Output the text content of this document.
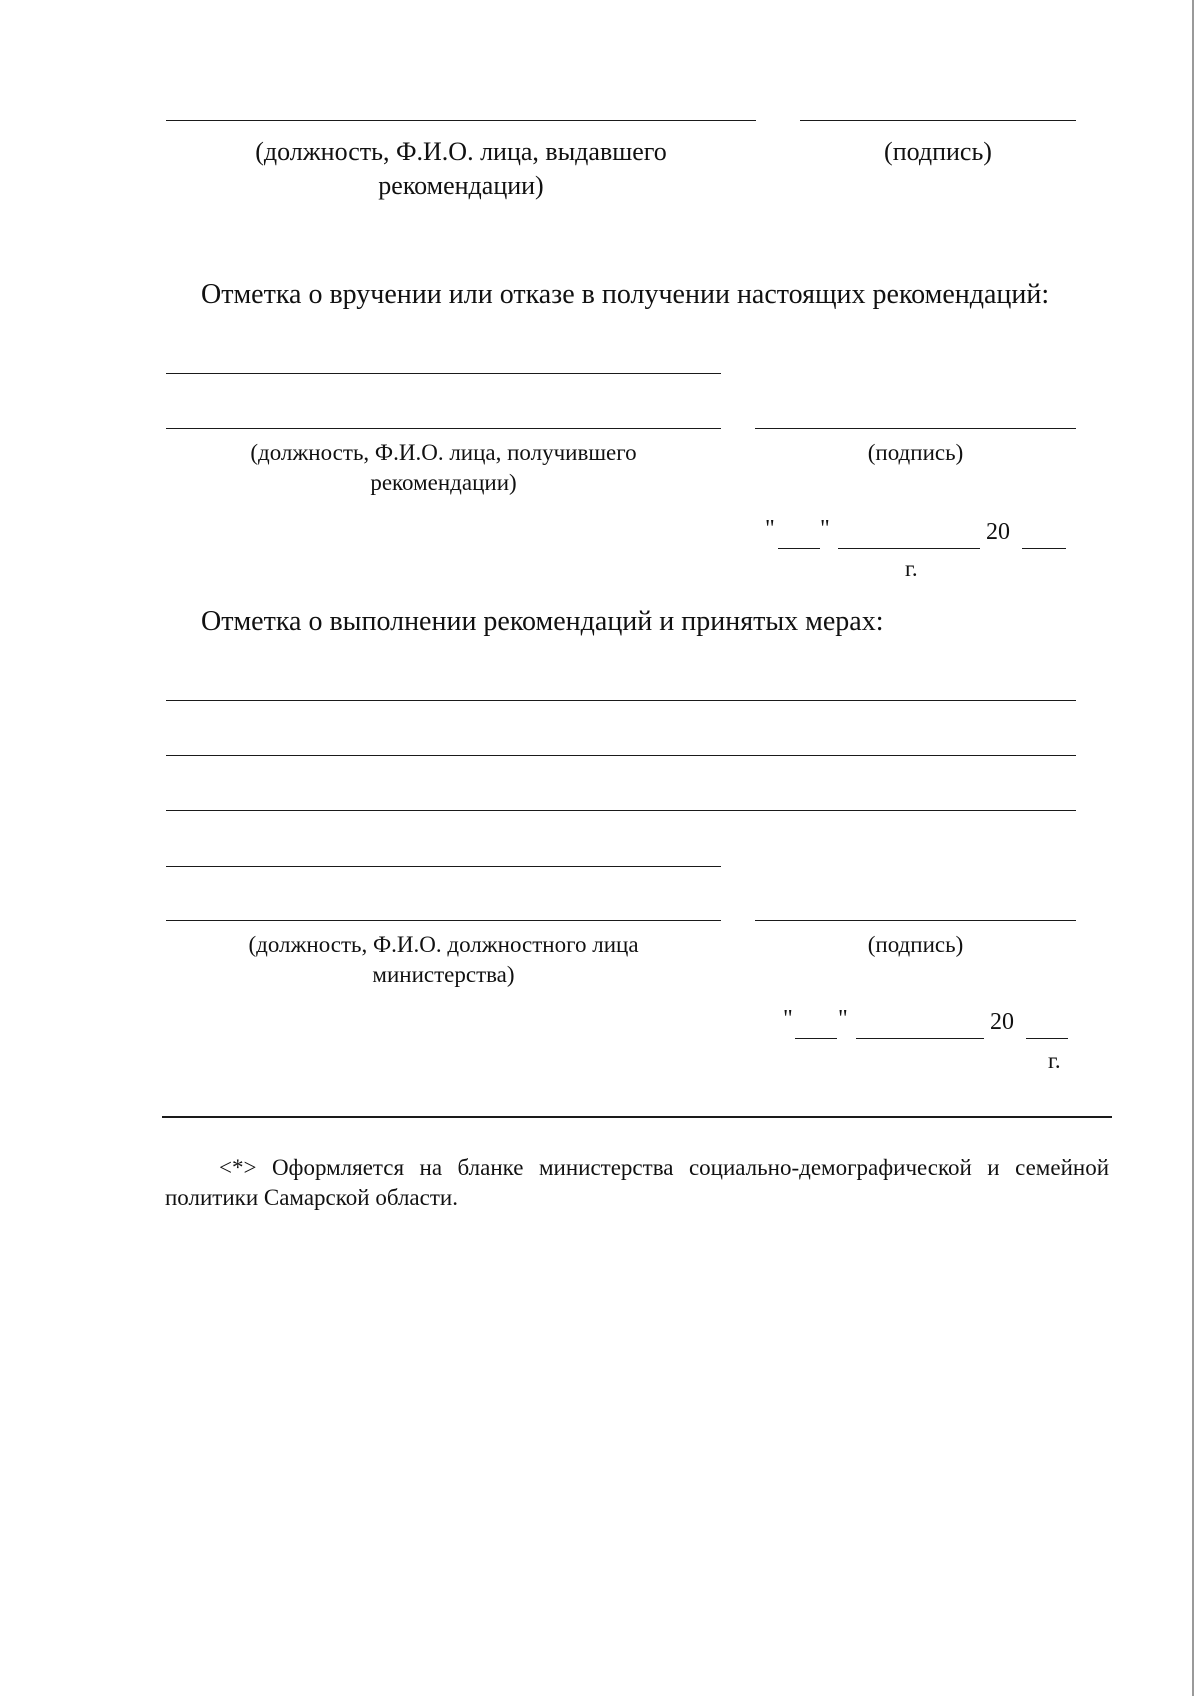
(должность, Ф.И.О. лица, выдавшего
рекомендации)
(подпись)
Отметка о вручении или отказе в получении настоящих рекомендаций:
(должность, Ф.И.О. лица, получившего
рекомендации)
(подпись)
" "	20
г.
Отметка о выполнении рекомендаций и принятых мерах:
(должность, Ф.И.О. должностного лица
министерства)
(подпись)
" "	20
г.
<*> Оформляется на бланке министерства социально-демографической и семейной
политики Самарской области.
